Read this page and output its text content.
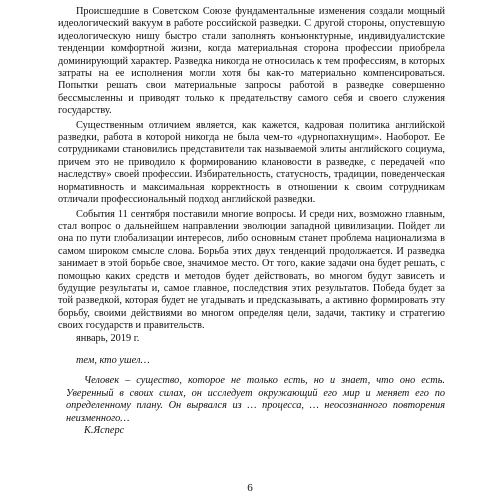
Происшедшие в Советском Союзе фундаментальные изменения создали мощный идеологический вакуум в работе российской разведки. С другой стороны, опустевшую идеологическую нишу быстро стали заполнять конъюнктурные, индивидуалистские тенденции комфортной жизни, когда материальная сторона профессии приобрела доминирующий характер. Разведка никогда не относилась к тем профессиям, в которых затраты на ее исполнения могли хотя бы как-то материально компенсироваться. Попытки решать свои материальные запросы работой в разведке совершенно бессмысленны и приводят только к предательству самого себя и своего служения государству.

Существенным отличием является, как кажется, кадровая политика английской разведки, работа в которой никогда не была чем-то «дурнопахнущим». Наоборот. Ее сотрудниками становились представители так называемой элиты английского социума, причем это не приводило к формированию клановости в разведке, с передачей «по наследству» своей профессии. Избирательность, статусность, традиции, поведенческая нормативность и максимальная корректность в отношении к своим сотрудникам отличали профессиональный подход английской разведки.

События 11 сентября поставили многие вопросы. И среди них, возможно главным, стал вопрос о дальнейшем направлении эволюции западной цивилизации. Пойдет ли она по пути глобализации интересов, либо основным станет проблема национализма в самом широком смысле слова. Борьба этих двух тенденций продолжается. И разведка занимает в этой борьбе свое, значимое место. От того, какие задачи она будет решать, с помощью каких средств и методов будет действовать, во многом будут зависеть и будущие результаты и, самое главное, последствия этих результатов. Победа будет за той разведкой, которая будет не угадывать и предсказывать, а активно формировать эту борьбу, своими действиями во многом определяя цели, задачи, тактику и стратегию своих государств и правительств.

январь, 2019 г.

тем, кто ушел…

Человек – существо, которое не только есть, но и знает, что оно есть. Уверенный в своих силах, он исследует окружающий его мир и меняет его по определенному плану. Он вырвался из … процесса, … неосознанного повторения неизменного…

К.Ясперс

6
